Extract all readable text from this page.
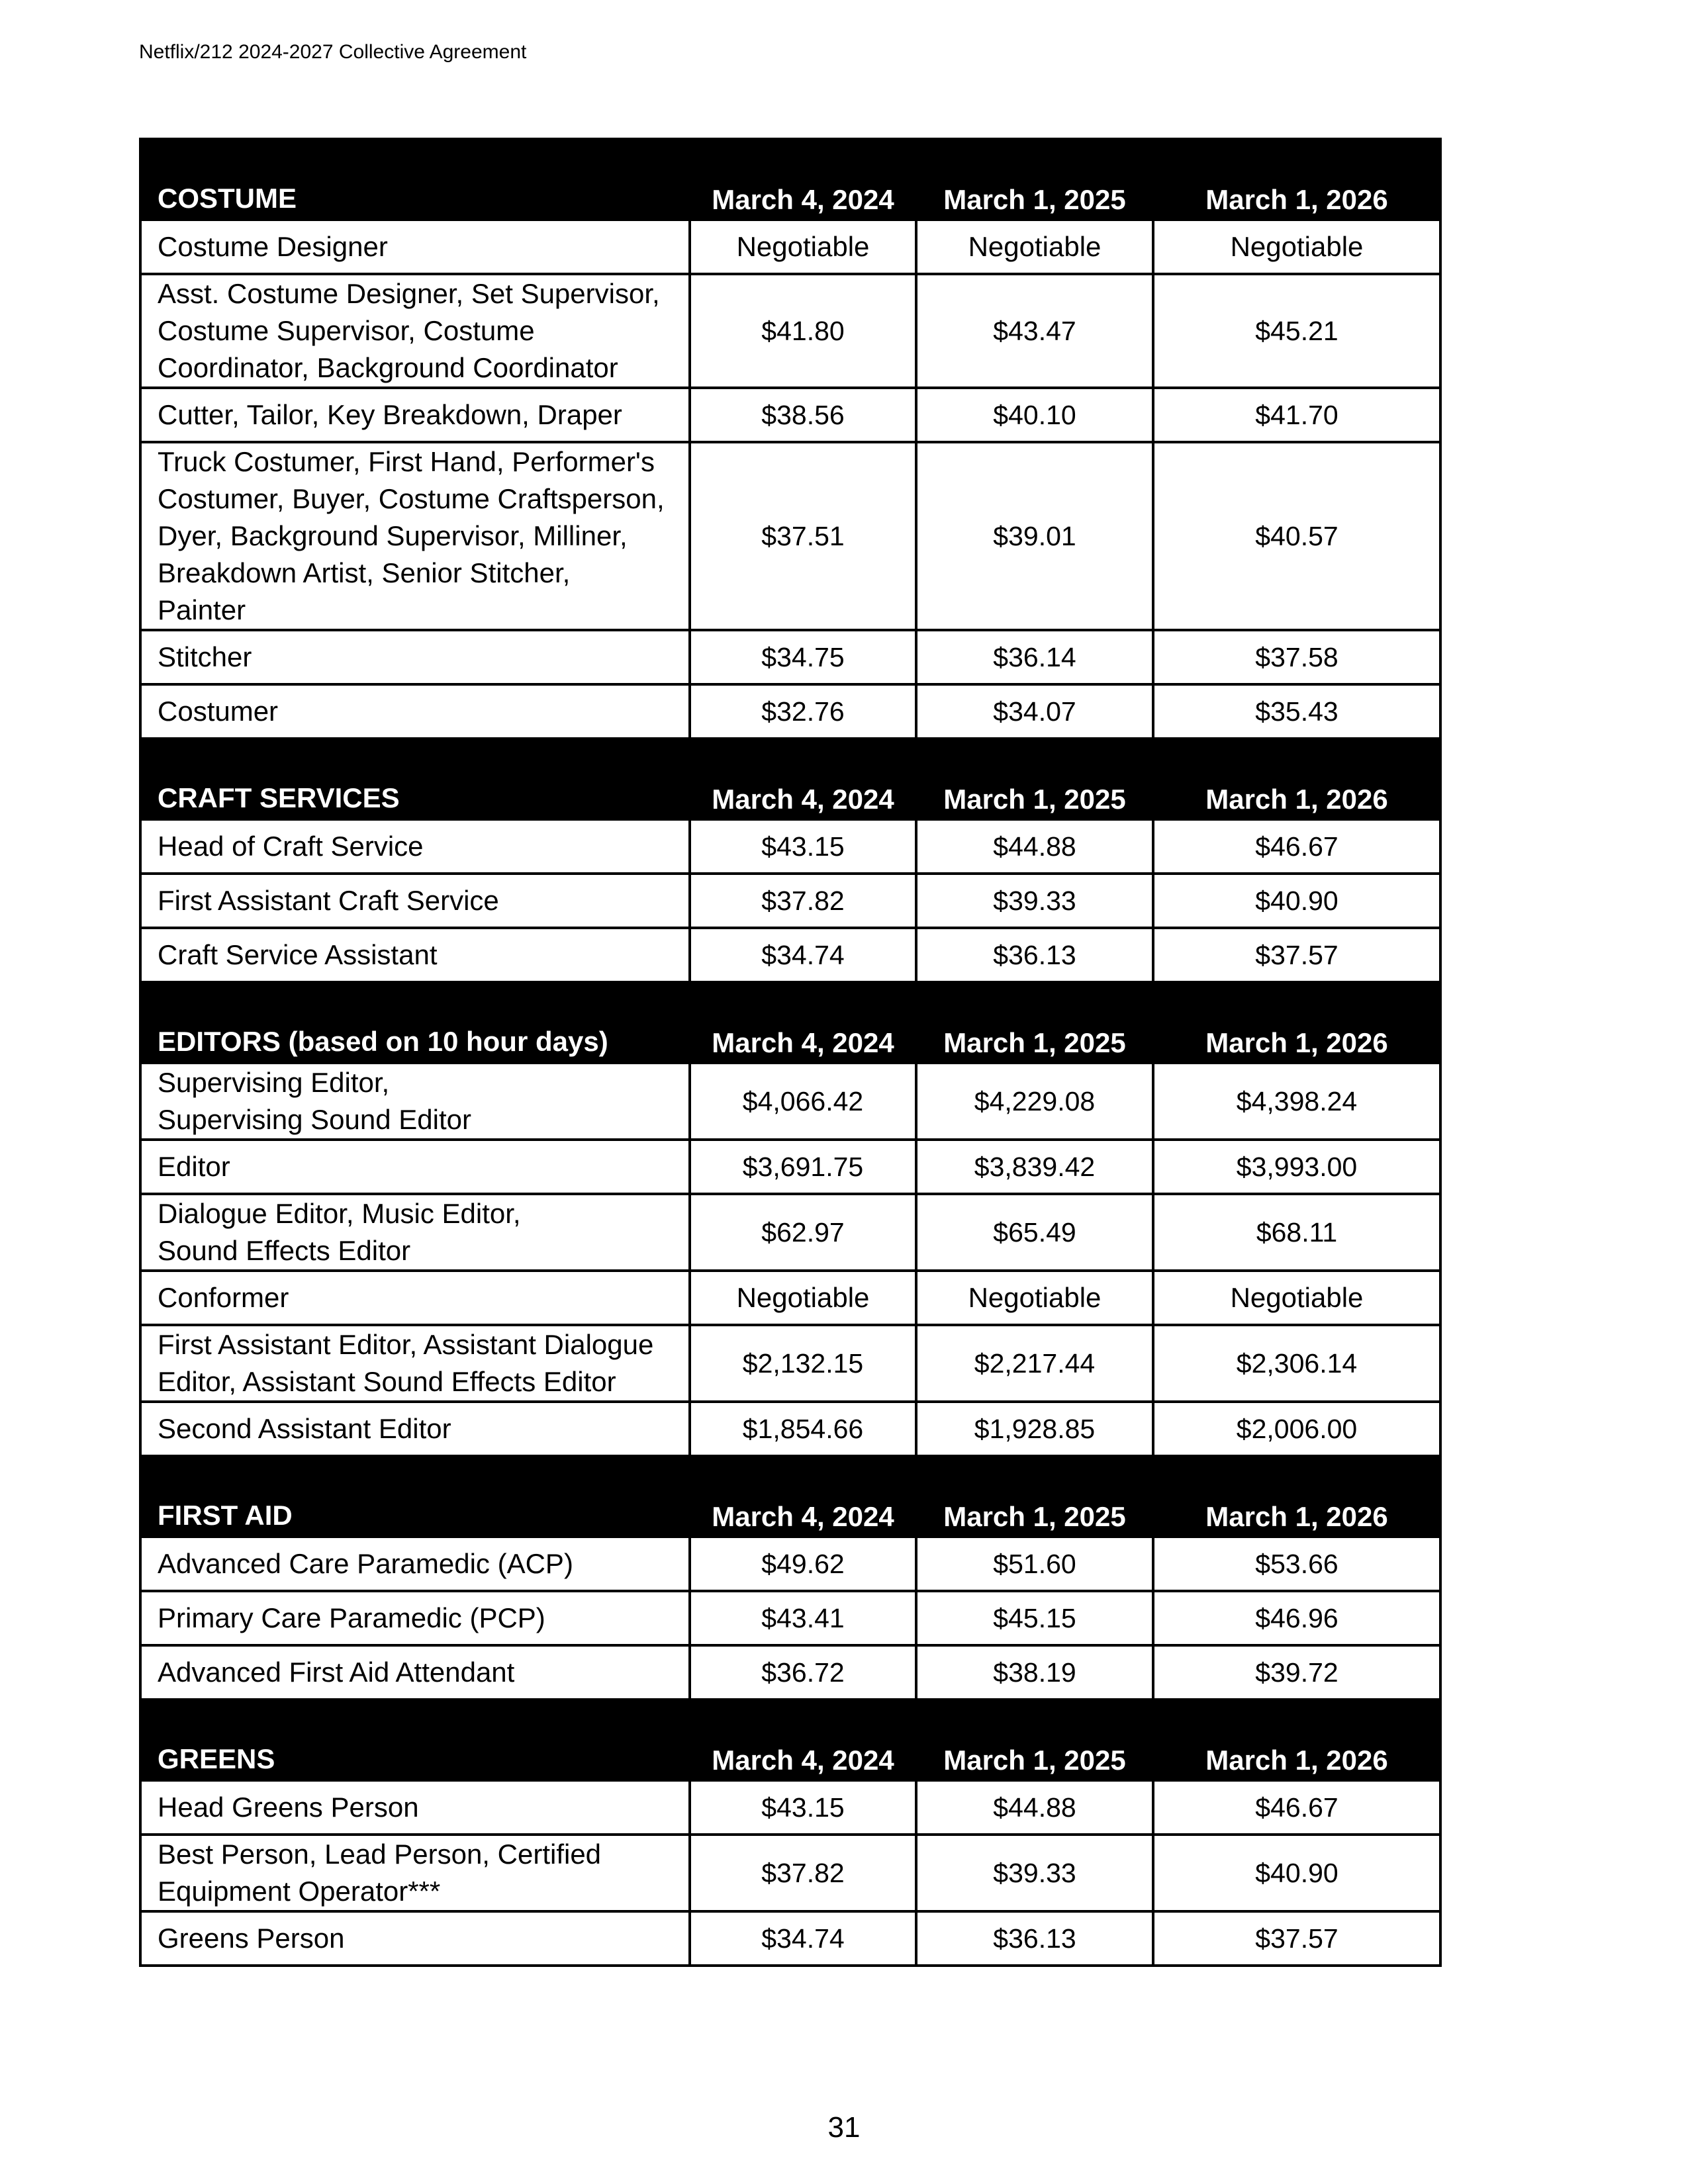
Netflix/212 2024-2027 Collective Agreement
COSTUME	March 4, 2024	March 1, 2025	March 1, 2026

Costume Designer	Negotiable	Negotiable	Negotiable

Asst. Costume Designer, Set Supervisor,
Costume Supervisor, Costume
Coordinator, Background Coordinator	$41.80	$43.47	$45.21

Cutter, Tailor, Key Breakdown, Draper	$38.56	$40.10	$41.70

Truck Costumer, First Hand, Performer's
Costumer, Buyer, Costume Craftsperson,
Dyer, Background Supervisor, Milliner,
Breakdown Artist, Senior Stitcher,
Painter	$37.51	$39.01	$40.57

Stitcher	$34.75	$36.14	$37.58

Costumer	$32.76	$34.07	$35.43
CRAFT SERVICES	March 4, 2024	March 1, 2025	March 1, 2026

Head of Craft Service	$43.15	$44.88	$46.67

First Assistant Craft Service	$37.82	$39.33	$40.90

Craft Service Assistant	$34.74	$36.13	$37.57
EDITORS (based on 10 hour days)	March 4, 2024	March 1, 2025	March 1, 2026

Supervising Editor,
Supervising Sound Editor	$4,066.42	$4,229.08	$4,398.24

Editor	$3,691.75	$3,839.42	$3,993.00

Dialogue Editor, Music Editor,
Sound Effects Editor	$62.97	$65.49	$68.11

Conformer	Negotiable	Negotiable	Negotiable

First Assistant Editor, Assistant Dialogue
Editor, Assistant Sound Effects Editor	$2,132.15	$2,217.44	$2,306.14

Second Assistant Editor	$1,854.66	$1,928.85	$2,006.00
FIRST AID	March 4, 2024	March 1, 2025	March 1, 2026

Advanced Care Paramedic (ACP)	$49.62	$51.60	$53.66

Primary Care Paramedic (PCP)	$43.41	$45.15	$46.96

Advanced First Aid Attendant	$36.72	$38.19	$39.72
GREENS	March 4, 2024	March 1, 2025	March 1, 2026

Head Greens Person	$43.15	$44.88	$46.67

Best Person, Lead Person, Certified
Equipment Operator***	$37.82	$39.33	$40.90

Greens Person	$34.74	$36.13	$37.57
31
